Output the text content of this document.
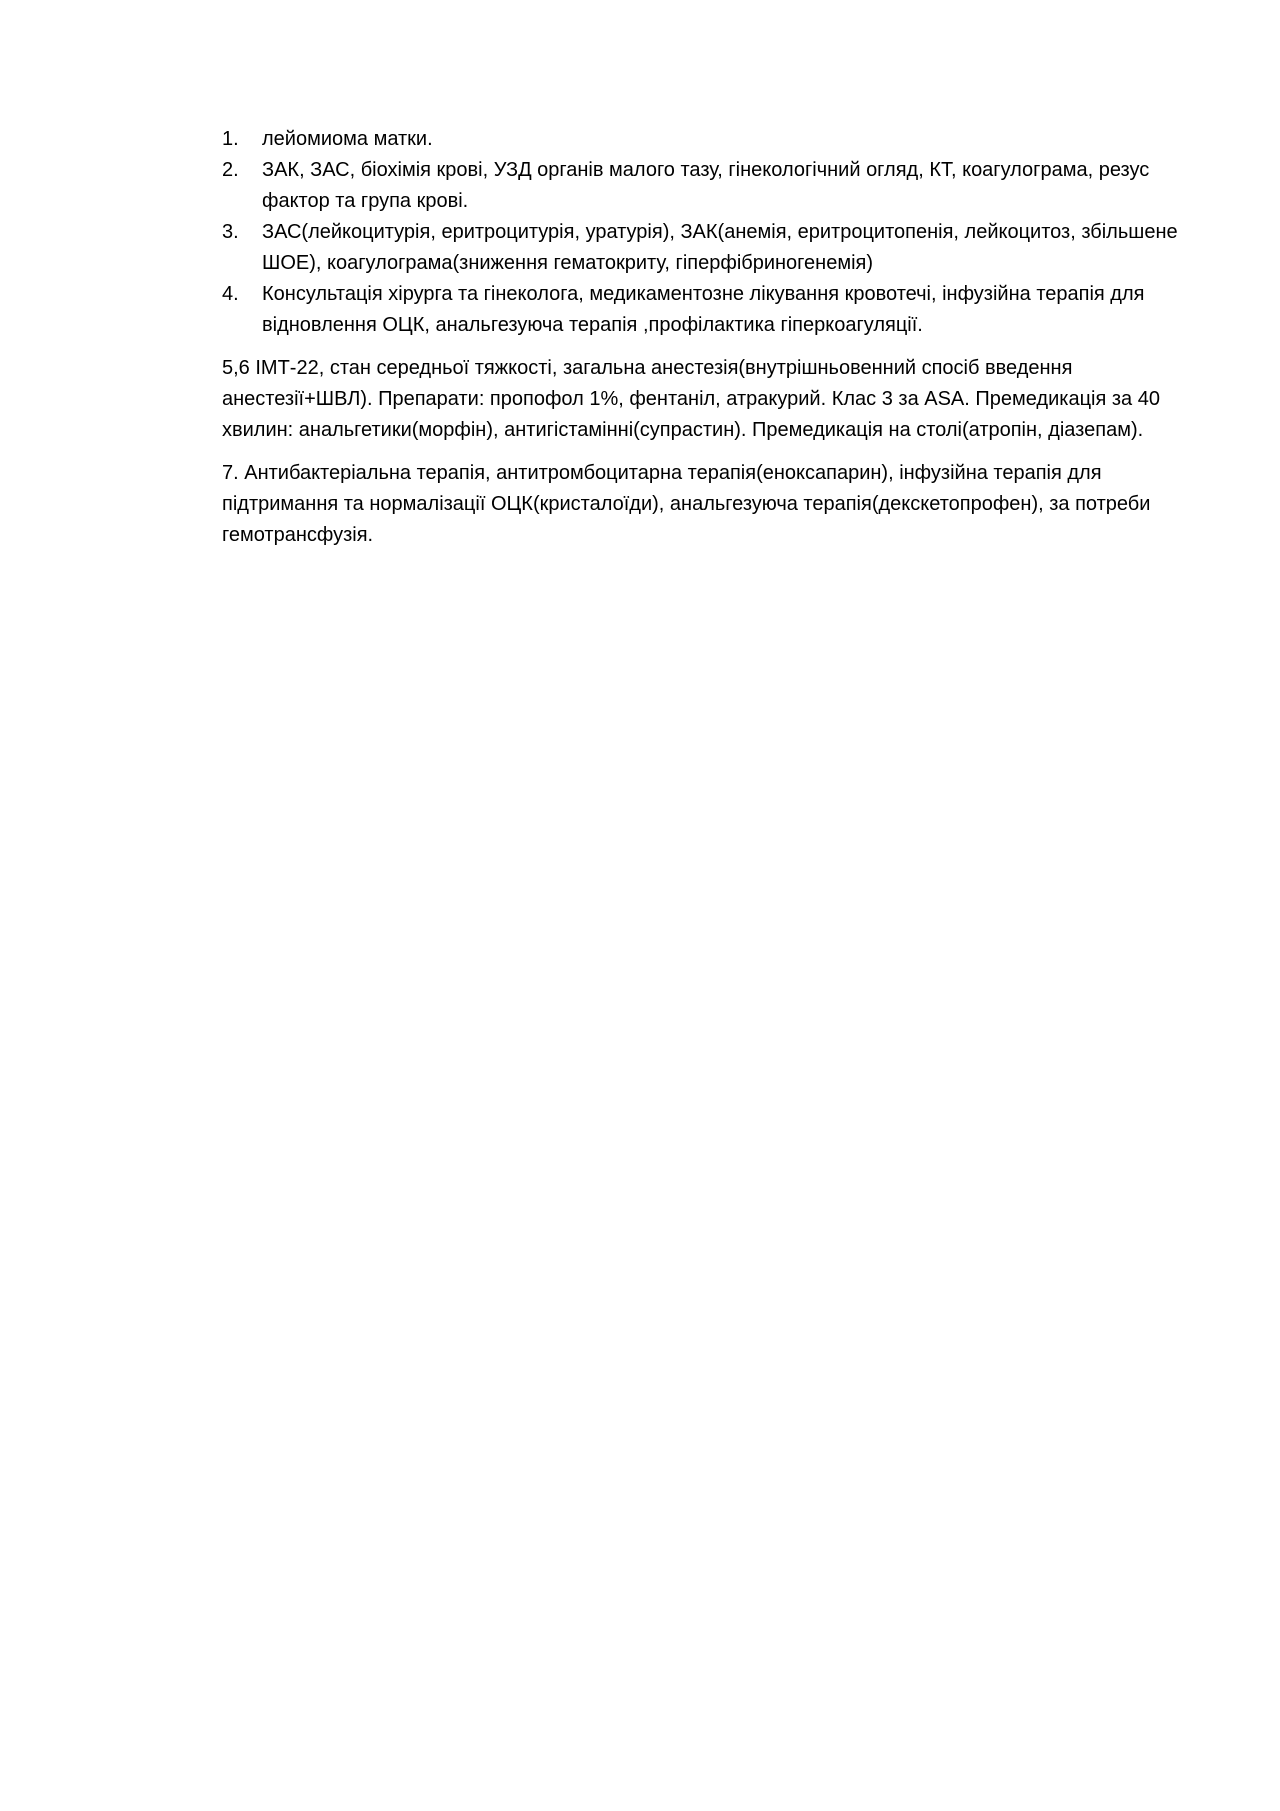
1.	лейомиома матки.
2.	ЗАК, ЗАС, біохімія крові, УЗД органів малого тазу, гінекологічний огляд, КТ, коагулограма, резус фактор та група крові.
3.	ЗАС(лейкоцитурія, еритроцитурія, уратурія), ЗАК(анемія, еритроцитопенія, лейкоцитоз, збільшене ШОЕ), коагулограма(зниження гематокриту, гіперфібриногенемія)
4.	Консультація хірурга та гінеколога, медикаментозне лікування кровотечі, інфузійна терапія для відновлення ОЦК, анальгезуюча терапія ,профілактика гіперкоагуляції.

5,6 ІМТ-22, стан середньої тяжкості, загальна анестезія(внутрішньовенний спосіб введення анестезії+ШВЛ). Препарати: пропофол 1%, фентаніл, атракурий. Клас 3 за ASA. Премедикація за 40 хвилин: анальгетики(морфін), антигістамінні(супрастин). Премедикація на столі(атропін, діазепам).

7. Антибактеріальна терапія, антитромбоцитарна терапія(еноксапарин), інфузійна терапія для підтримання та нормалізації ОЦК(кристалоїди), анальгезуюча терапія(декскетопрофен), за потреби гемотрансфузія.
